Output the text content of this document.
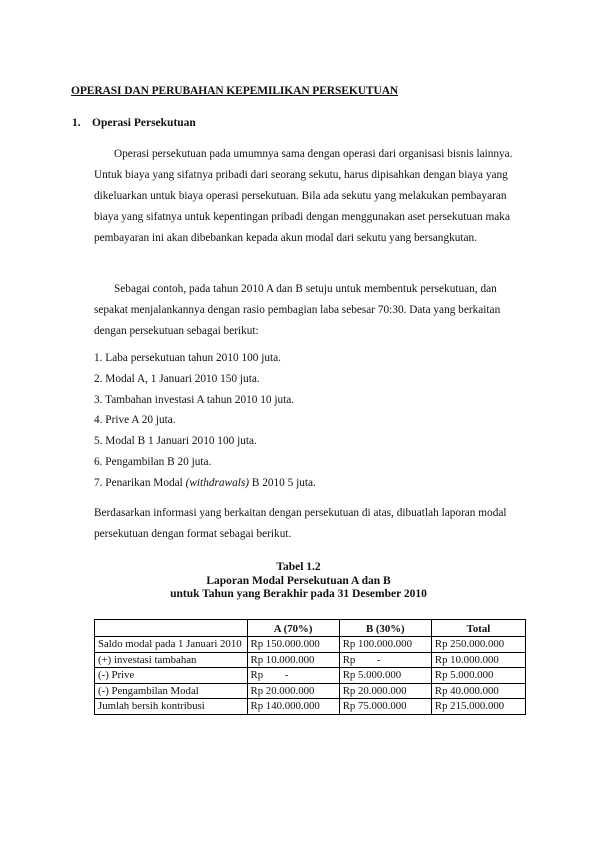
OPERASI DAN PERUBAHAN KEPEMILIKAN PERSEKUTUAN
1. Operasi Persekutuan

Operasi persekutuan pada umumnya sama dengan operasi dari organisasi bisnis lainnya. Untuk biaya yang sifatnya pribadi dari seorang sekutu, harus dipisahkan dengan biaya yang dikeluarkan untuk biaya operasi persekutuan. Bila ada sekutu yang melakukan pembayaran biaya yang sifatnya untuk kepentingan pribadi dengan menggunakan aset persekutuan maka pembayaran ini akan dibebankan kepada akun modal dari sekutu yang bersangkutan.

Sebagai contoh, pada tahun 2010 A dan B setuju untuk membentuk persekutuan, dan sepakat menjalankannya dengan rasio pembagian laba sebesar 70:30. Data yang berkaitan dengan persekutuan sebagai berikut:

1. Laba persekutuan tahun 2010 100 juta.
2. Modal A, 1 Januari 2010 150 juta.
3. Tambahan investasi A tahun 2010 10 juta.
4. Prive A 20 juta.
5. Modal B 1 Januari 2010 100 juta.
6. Pengambilan B 20 juta.
7. Penarikan Modal (withdrawals) B 2010 5 juta.

Berdasarkan informasi yang berkaitan dengan persekutuan di atas, dibuatlah laporan modal persekutuan dengan format sebagai berikut.

Tabel 1.2
Laporan Modal Persekutuan A dan B
untuk Tahun yang Berakhir pada 31 Desember 2010
	A (70%)	B (30%)	Total
Saldo modal pada 1 Januari 2010	Rp 150.000.000	Rp 100.000.000	Rp 250.000.000
(+) investasi tambahan	Rp 10.000.000	Rp        -	Rp 10.000.000
(-) Prive	Rp        -	Rp 5.000.000	Rp 5.000.000
(-) Pengambilan Modal	Rp 20.000.000	Rp 20.000.000	Rp 40.000.000
Jumlah bersih kontribusi	Rp 140.000.000	Rp 75.000.000	Rp 215.000.000
